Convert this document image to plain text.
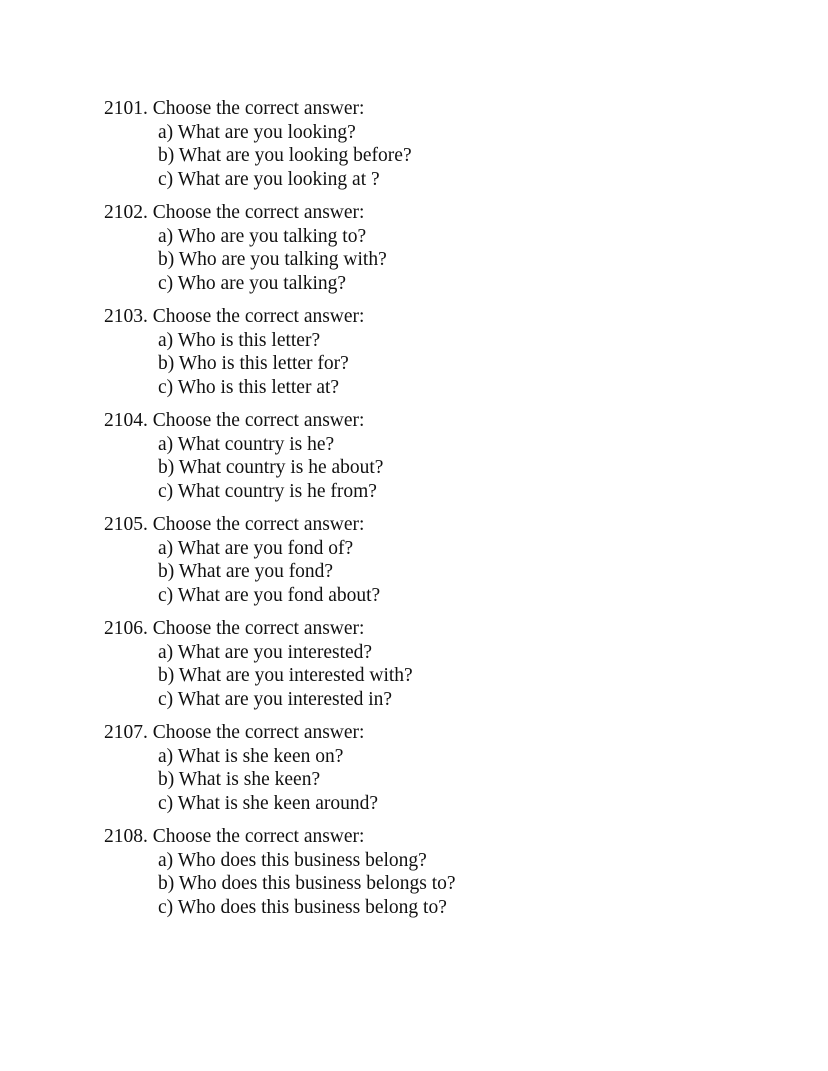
2101 . Choose the correct answer:
a ) What are you looking?
b ) What are you looking before?
c ) What are you looking at ?
2102 . Choose the correct answer:
a ) Who are you talking to?
b ) Who are you talking with?
c ) Who are you talking?
2103 . Choose the correct answer:
a ) Who is this letter?
b ) Who is this letter for?
c ) Who is this letter at?
2104 . Choose the correct answer:
a ) What country is he?
b ) What country is he about?
c ) What country is he from?
2105 . Choose the correct answer:
a ) What are you fond of?
b ) What are you fond?
c ) What are you fond about?
2106 . Choose the correct answer:
a ) What are you interested?
b ) What are you interested with?
c ) What are you interested in?
2107 . Choose the correct answer:
a ) What is she keen on?
b ) What is she keen?
c ) What is she keen around?
2108 . Choose the correct answer:
a ) Who does this business belong?
b ) Who does this business belongs to?
c ) Who does this business belong to?
